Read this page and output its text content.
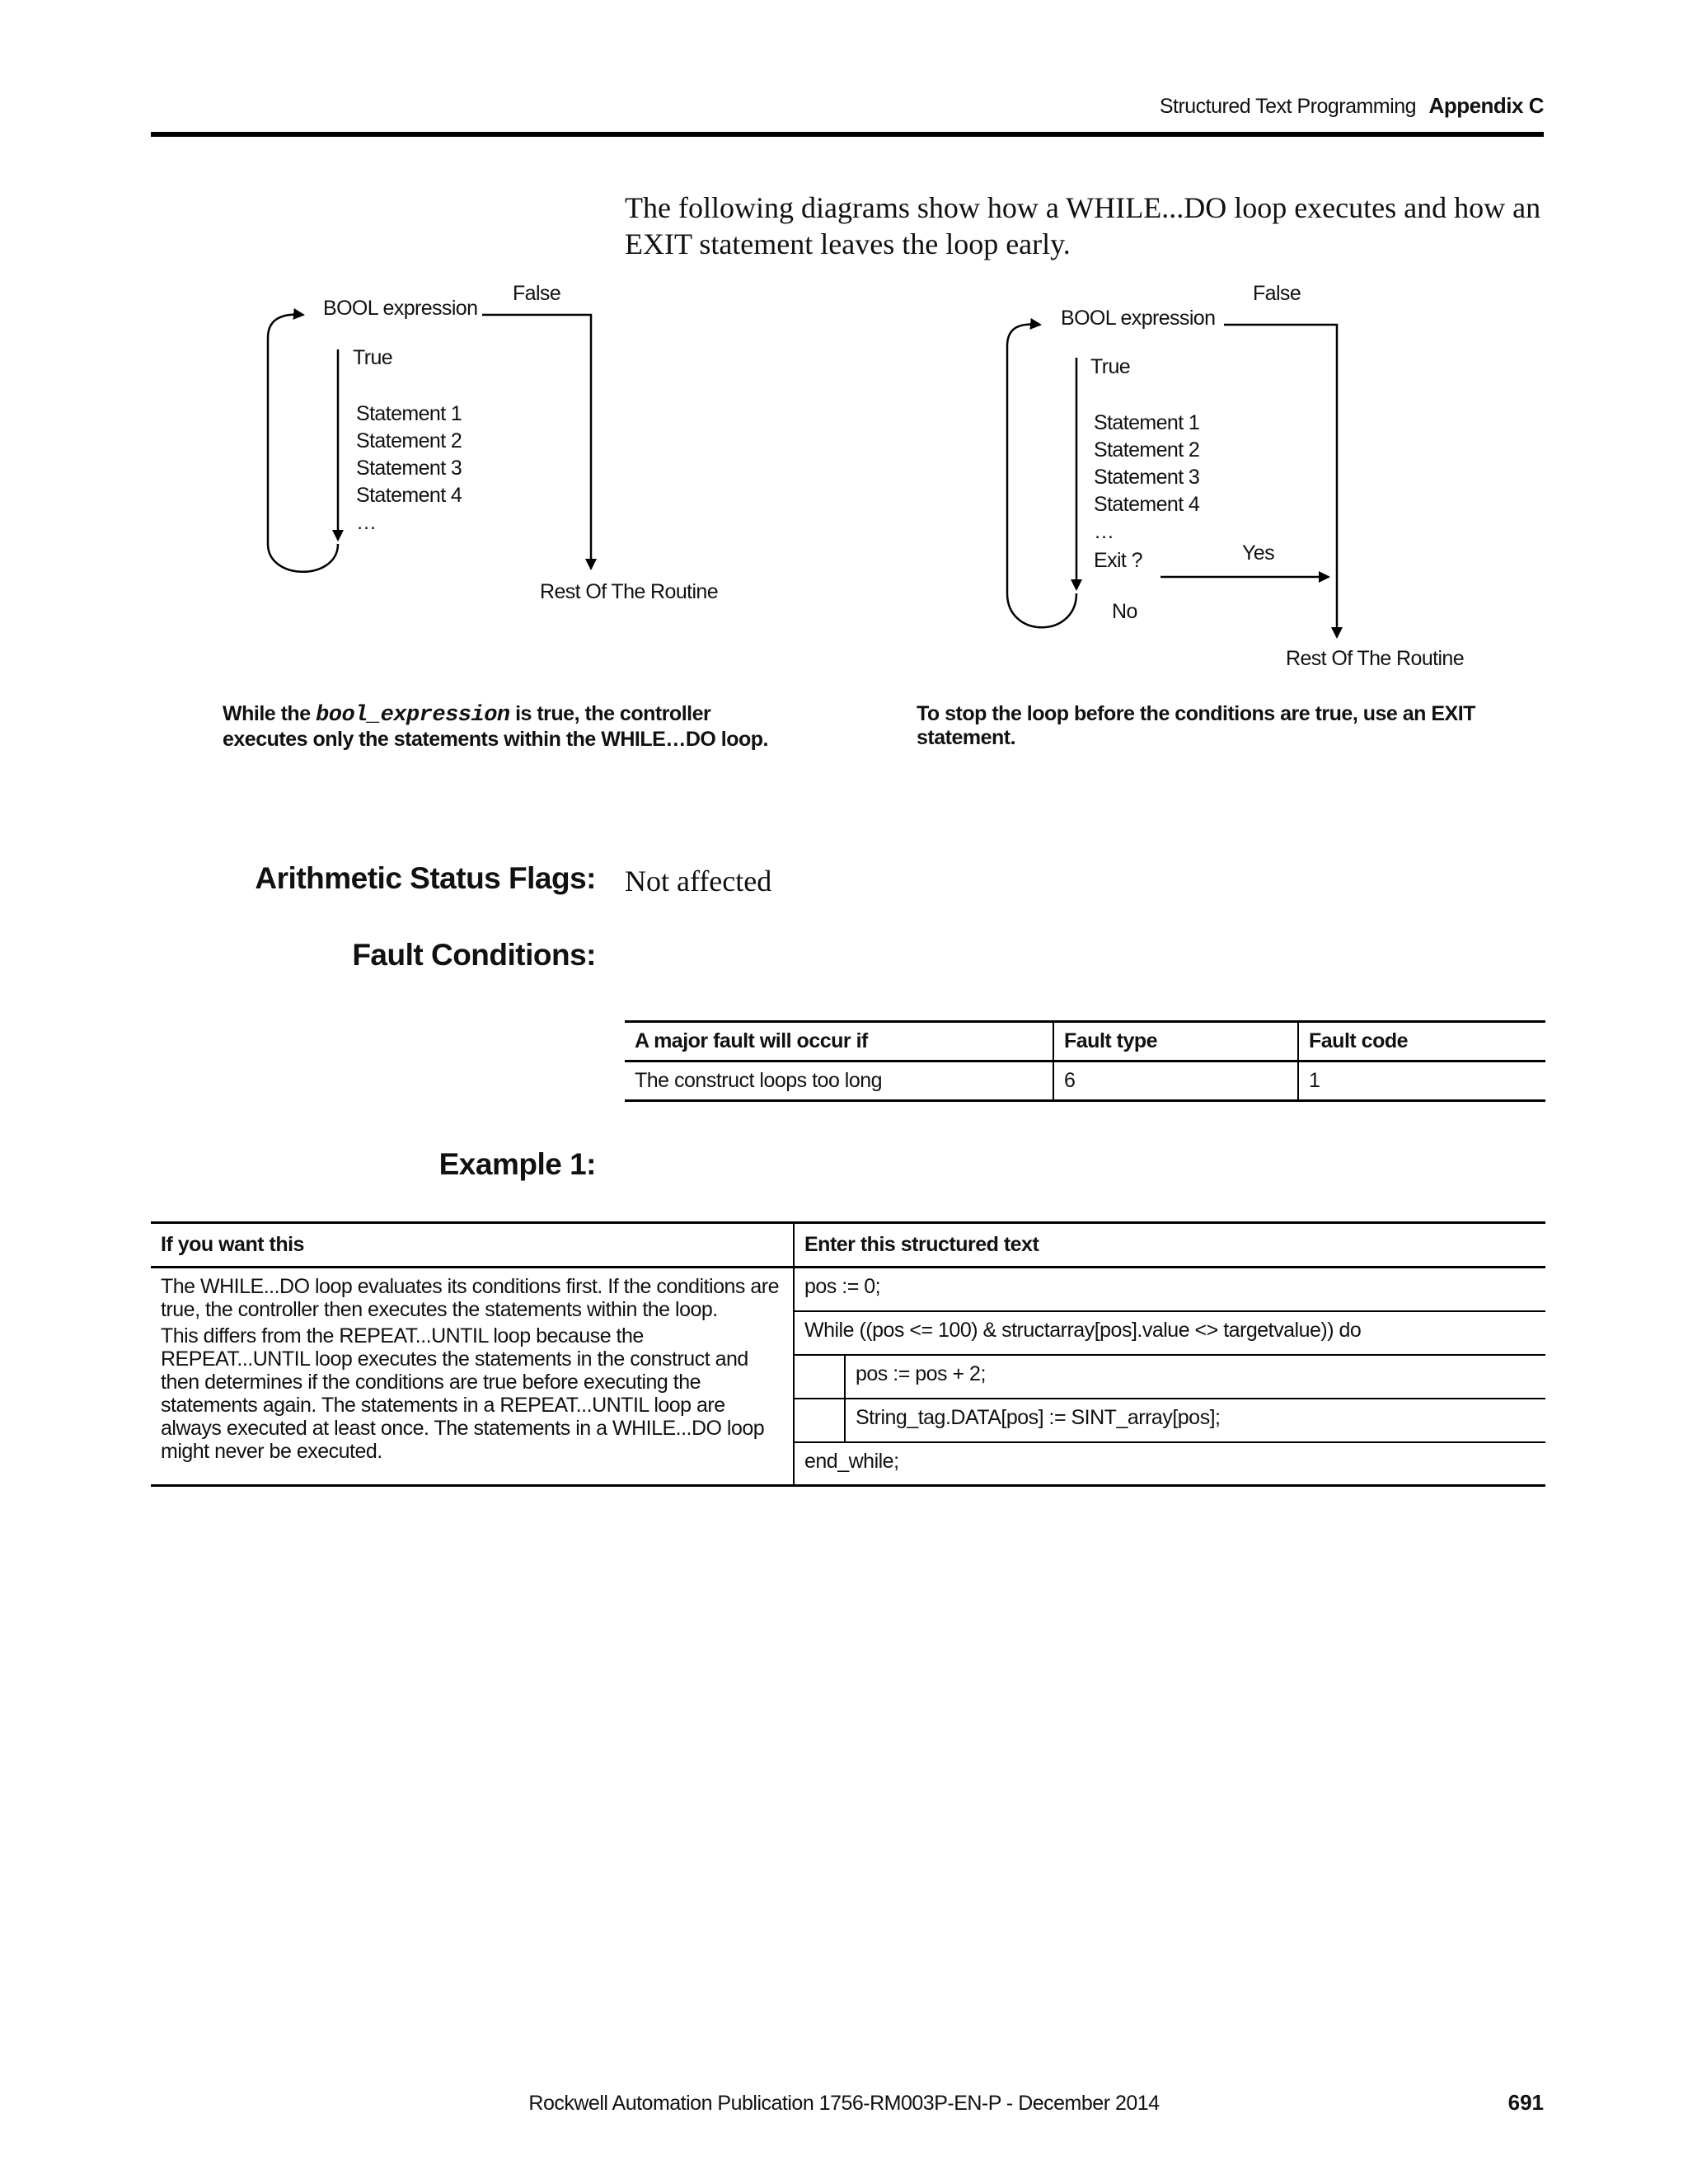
Structured Text Programming Appendix C
The following diagrams show how a WHILE...DO loop executes and how an EXIT statement leaves the loop early.
BOOL expression
False
True
Statement 1
Statement 2
Statement 3
Statement 4
…
Rest Of The Routine
BOOL expression
False
True
Statement 1
Statement 2
Statement 3
Statement 4
…
Exit ?	Yes
No
Rest Of The Routine
While the bool_expression is true, the controller
executes only the statements within the WHILE…DO loop.
To stop the loop before the conditions are true, use an EXIT statement.
Arithmetic Status Flags: Not affected
Fault Conditions:
A major fault will occur if	Fault type	Fault code
The construct loops too long	6	1
Example 1:
If you want this	Enter this structured text	

The WHILE...DO loop evaluates its conditions first. If the conditions are true, the controller then executes the statements within the loop.

This differs from the REPEAT...UNTIL loop because the REPEAT...UNTIL loop executes the statements in the construct and then determines if the conditions are true before executing the statements again. The statements in a REPEAT...UNTIL loop are always executed at least once. The statements in a WHILE...DO loop might never be executed.	pos := 0;	
	While ((pos <= 100) & structarray[pos].value <> targetvalue)) do	
		pos := pos + 2;
		String_tag.DATA[pos] := SINT_array[pos];
	end_while;	
Rockwell Automation Publication 1756-RM003P-EN-P - December 2014	691
